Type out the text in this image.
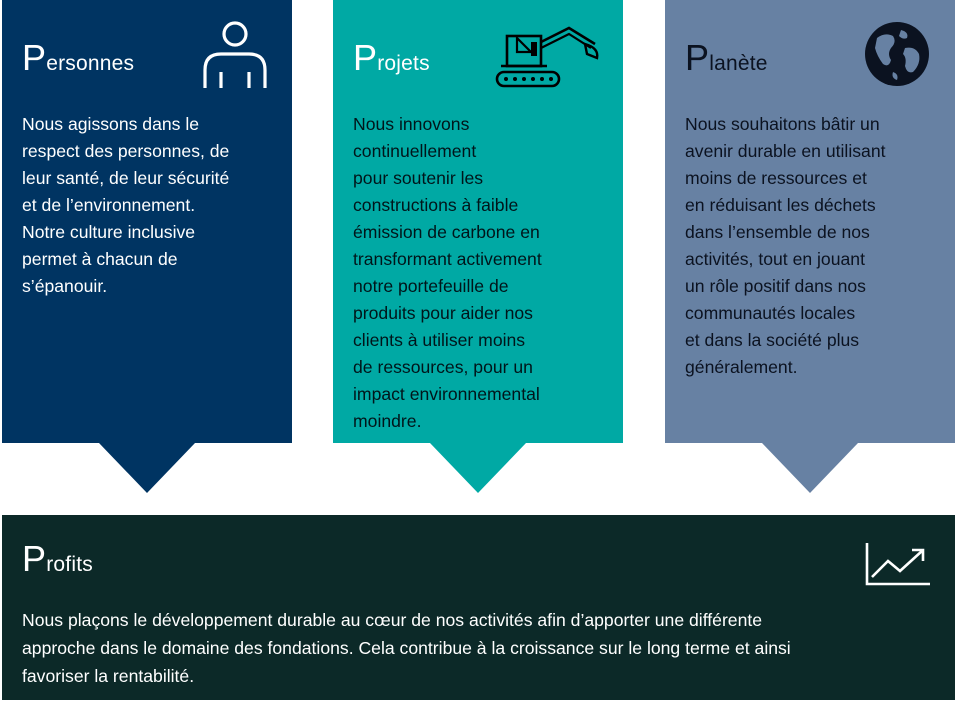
Personnes

Nous agissons dans le
respect des personnes, de
leur santé, de leur sécurité
et de l’environnement.
Notre culture inclusive
permet à chacun de
s’épanouir.

Projets

Nous innovons
continuellement
pour soutenir les
constructions à faible
émission de carbone en
transformant activement
notre portefeuille de
produits pour aider nos
clients à utiliser moins
de ressources, pour un
impact environnemental
moindre.

Planète

Nous souhaitons bâtir un
avenir durable en utilisant
moins de ressources et
en réduisant les déchets
dans l’ensemble de nos
activités, tout en jouant
un rôle positif dans nos
communautés locales
et dans la société plus
généralement.

Profits

Nous plaçons le développement durable au cœur de nos activités afin d’apporter une différente
approche dans le domaine des fondations. Cela contribue à la croissance sur le long terme et ainsi
favoriser la rentabilité.
